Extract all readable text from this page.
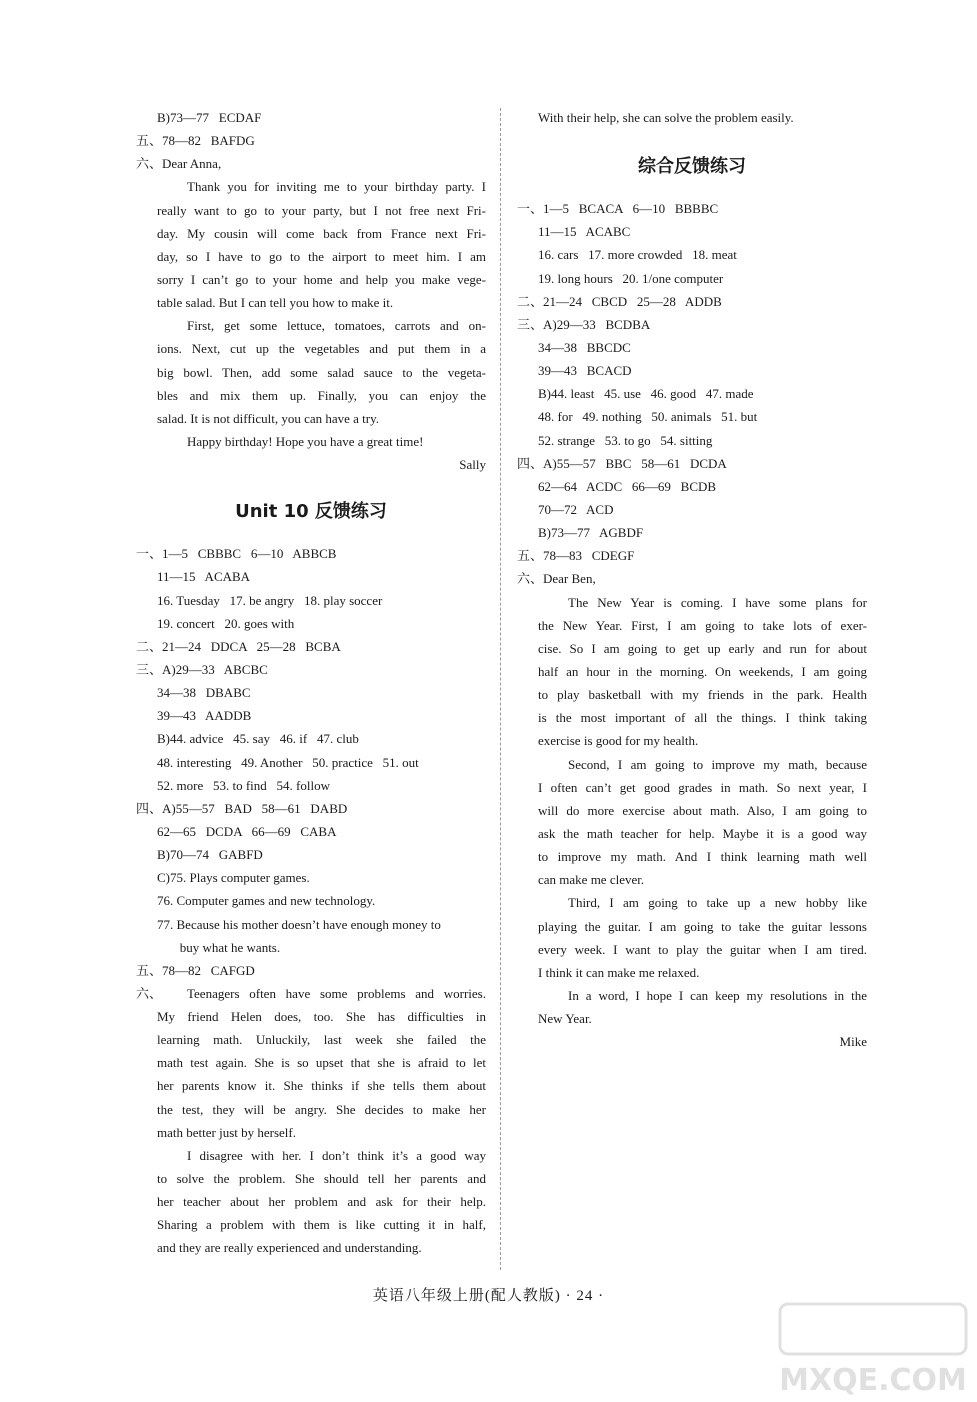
B)73—77   ECDAF
五、78—82   BAFDG
六、Dear Anna,
Thank you for inviting me to your birthday party. I
really want to go to your party, but I not free next Fri-
day. My cousin will come back from France next Fri-
day, so I have to go to the airport to meet him. I am
sorry I can’t go to your home and help you make vege-
table salad. But I can tell you how to make it.
First, get some lettuce, tomatoes, carrots and on-
ions. Next, cut up the vegetables and put them in a
big bowl. Then, add some salad sauce to the vegeta-
bles and mix them up. Finally, you can enjoy the
salad. It is not difficult, you can have a try.
Happy birthday! Hope you have a great time!
Sally
Unit 10 反馈练习
一、1—5   CBBBC   6—10   ABBCB
11—15   ACABA
16. Tuesday   17. be angry   18. play soccer
19. concert   20. goes with
二、21—24   DDCA   25—28   BCBA
三、A)29—33   ABCBC
34—38   DBABC
39—43   AADDB
B)44. advice   45. say   46. if   47. club
48. interesting   49. Another   50. practice   51. out
52. more   53. to find   54. follow
四、A)55—57   BAD   58—61   DABD
62—65   DCDA   66—69   CABA
B)70—74   GABFD
C)75. Plays computer games.
76. Computer games and new technology.
77. Because his mother doesn’t have enough money to
buy what he wants.
五、78—82   CAFGD
六、	Teenagers often have some problems and worries.
My friend Helen does, too. She has difficulties in
learning math. Unluckily, last week she failed the
math test again. She is so upset that she is afraid to let
her parents know it. She thinks if she tells them about
the test, they will be angry. She decides to make her
math better just by herself.
I disagree with her. I don’t think it’s a good way
to solve the problem. She should tell her parents and
her teacher about her problem and ask for their help.
Sharing a problem with them is like cutting it in half,
and they are really experienced and understanding.
With their help, she can solve the problem easily.
综合反馈练习
一、1—5   BCACA   6—10   BBBBC
11—15   ACABC
16. cars   17. more crowded   18. meat
19. long hours   20. 1/one computer
二、21—24   CBCD   25—28   ADDB
三、A)29—33   BCDBA
34—38   BBCDC
39—43   BCACD
B)44. least   45. use   46. good   47. made
48. for   49. nothing   50. animals   51. but
52. strange   53. to go   54. sitting
四、A)55—57   BBC   58—61   DCDA
62—64   ACDC   66—69   BCDB
70—72   ACD
B)73—77   AGBDF
五、78—83   CDEGF
六、Dear Ben,
The New Year is coming. I have some plans for
the New Year. First, I am going to take lots of exer-
cise. So I am going to get up early and run for about
half an hour in the morning. On weekends, I am going
to play basketball with my friends in the park. Health
is the most important of all the things. I think taking
exercise is good for my health.
Second, I am going to improve my math, because
I often can’t get good grades in math. So next year, I
will do more exercise about math. Also, I am going to
ask the math teacher for help. Maybe it is a good way
to improve my math. And I think learning math well
can make me clever.
Third, I am going to take up a new hobby like
playing the guitar. I am going to take the guitar lessons
every week. I want to play the guitar when I am tired.
I think it can make me relaxed.
In a word, I hope I can keep my resolutions in the
New Year.
Mike
英语八年级上册(配人教版) · 24 ·
MXQE.COM
